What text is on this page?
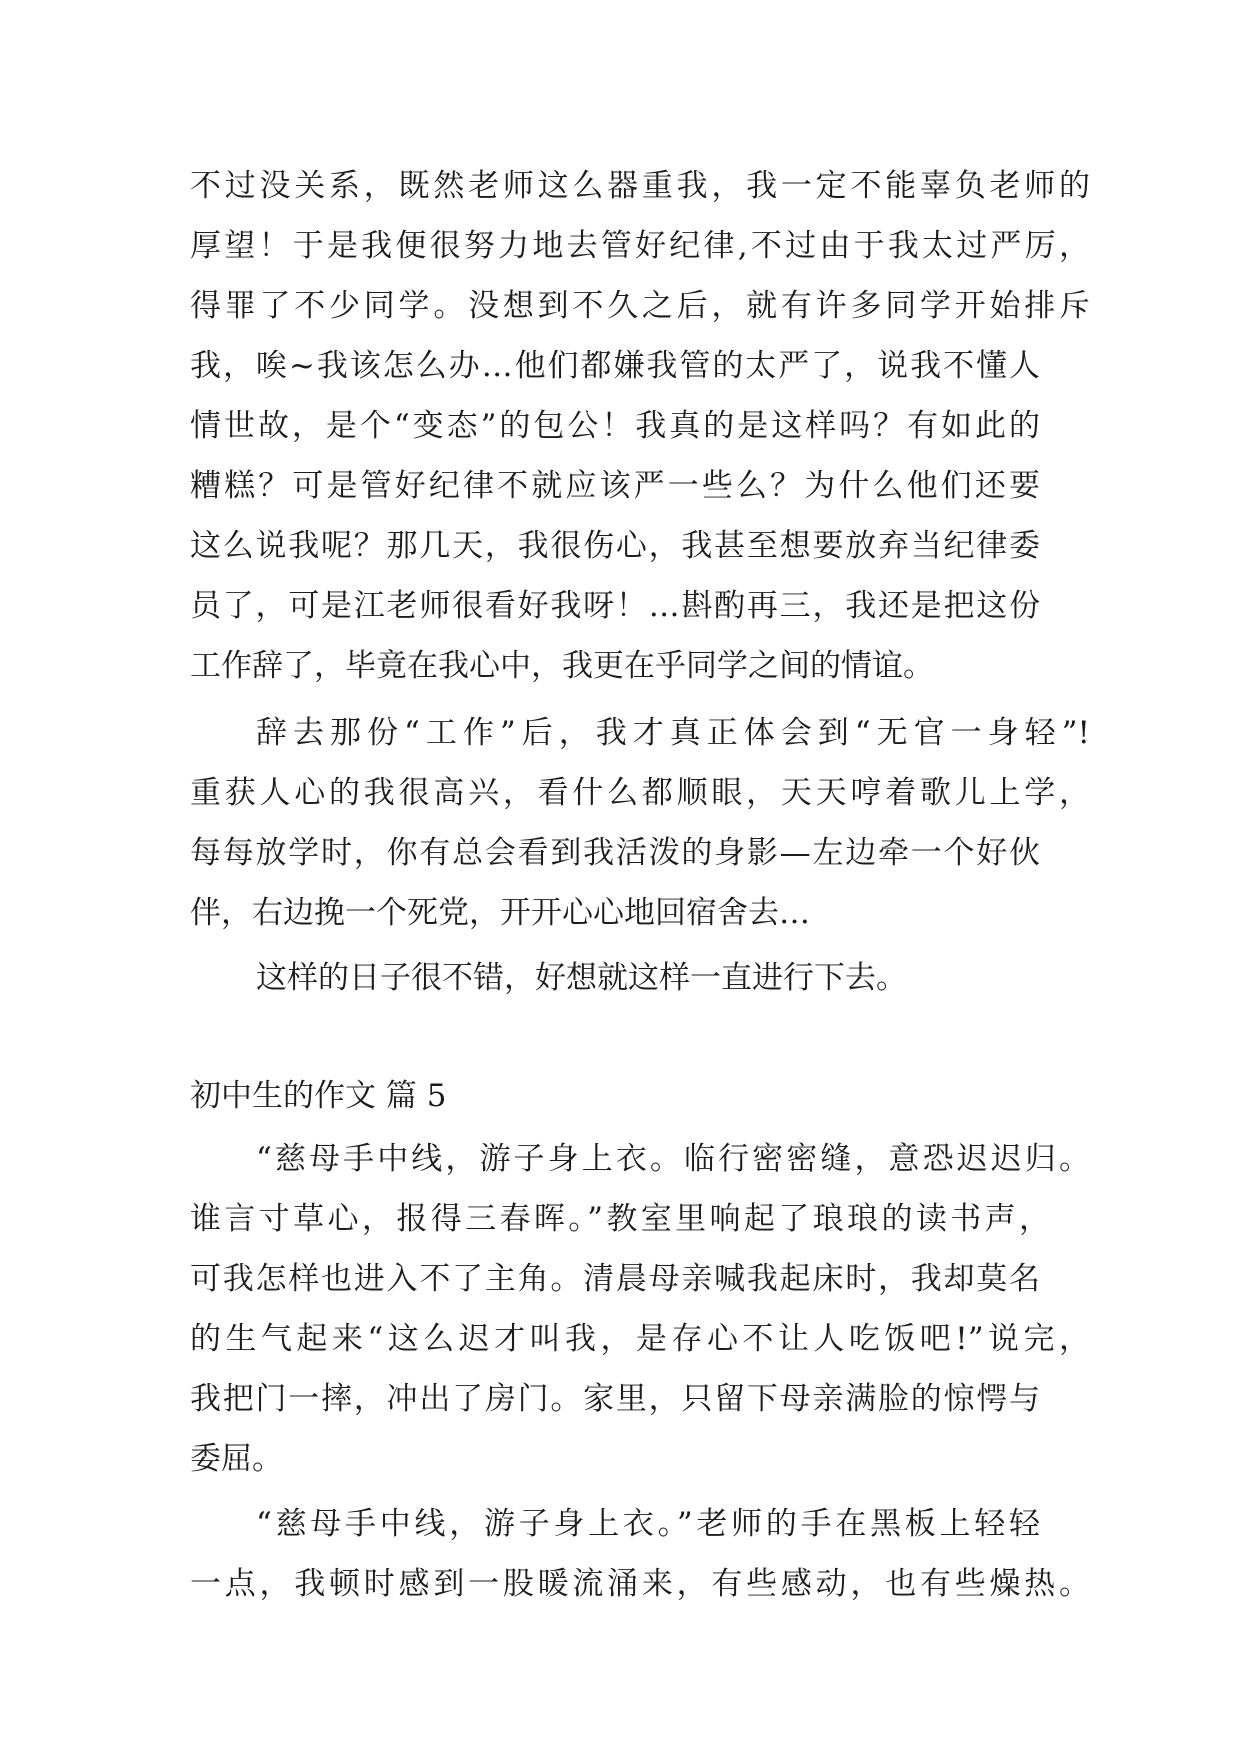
不过没关系，既然老师这么器重我，我一定不能辜负老师的
厚望！于是我便很努力地去管好纪律,不过由于我太过严厉，
得罪了不少同学。没想到不久之后，就有许多同学开始排斥
我，唉~我该怎么办…他们都嫌我管的太严了，说我不懂人
情世故，是个“变态”的包公！我真的是这样吗？有如此的
糟糕？可是管好纪律不就应该严一些么？为什么他们还要
这么说我呢？那几天，我很伤心，我甚至想要放弃当纪律委
员了，可是江老师很看好我呀！…斟酌再三，我还是把这份
工作辞了，毕竟在我心中，我更在乎同学之间的情谊。
辞去那份“工作”后，我才真正体会到“无官一身轻”!
重获人心的我很高兴，看什么都顺眼，天天哼着歌儿上学，
每每放学时，你有总会看到我活泼的身影—左边牵一个好伙
伴，右边挽一个死党，开开心心地回宿舍去…
这样的日子很不错，好想就这样一直进行下去。
初中生的作文 篇 5
“慈母手中线，游子身上衣。临行密密缝，意恐迟迟归。
谁言寸草心，报得三春晖。”教室里响起了琅琅的读书声，
可我怎样也进入不了主角。清晨母亲喊我起床时，我却莫名
的生气起来“这么迟才叫我，是存心不让人吃饭吧!”说完，
我把门一摔，冲出了房门。家里，只留下母亲满脸的惊愕与
委屈。
“慈母手中线，游子身上衣。”老师的手在黑板上轻轻
一点，我顿时感到一股暖流涌来，有些感动，也有些燥热。
